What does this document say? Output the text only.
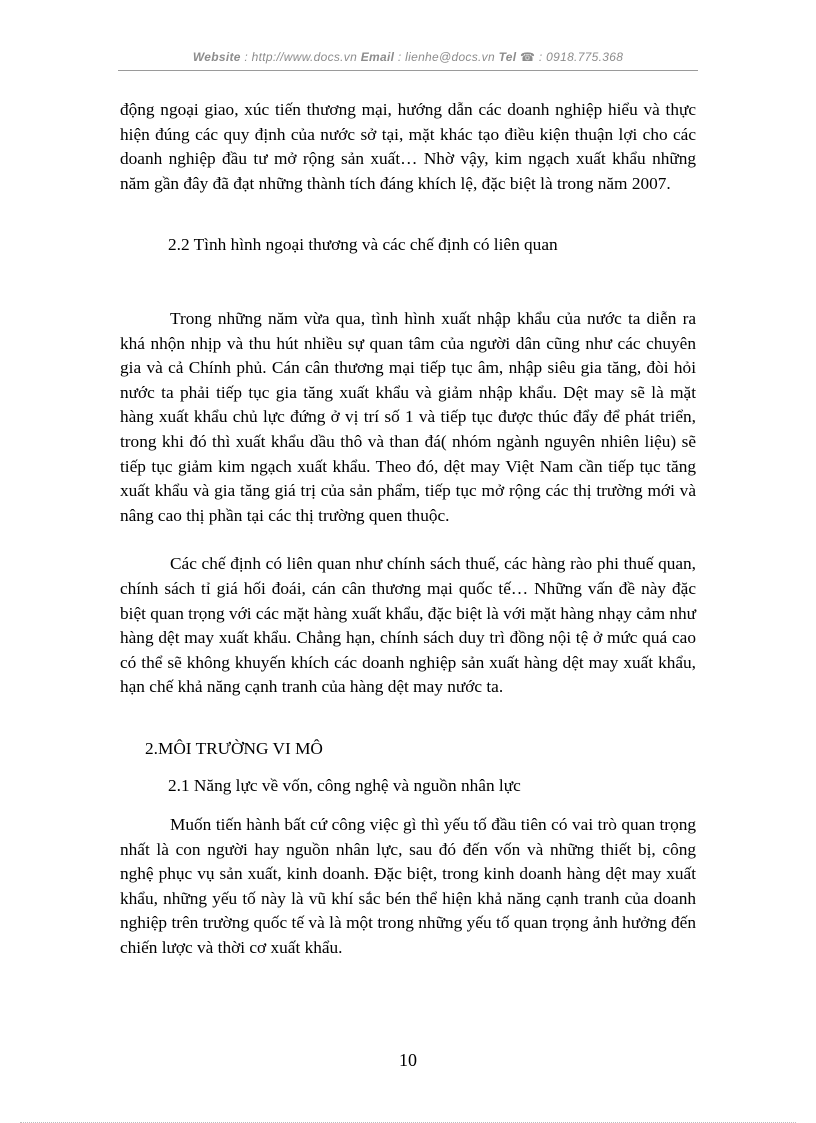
Website : http://www.docs.vn Email : lienhe@docs.vn Tel ☎ : 0918.775.368

động ngoại giao, xúc tiến thương mại, hướng dẫn các doanh nghiệp hiểu và thực hiện đúng các quy định của nước sở tại, mặt khác tạo điều kiện thuận lợi cho các doanh nghiệp đầu tư mở rộng sản xuất… Nhờ vậy, kim ngạch xuất khẩu những năm gần đây đã đạt những thành tích đáng khích lệ, đặc biệt là trong năm 2007.

2.2 Tình hình ngoại thương và các chế định có liên quan

Trong những năm vừa qua, tình hình xuất nhập khẩu của nước ta diễn ra khá nhộn nhịp và thu hút nhiều sự quan tâm của người dân cũng như các chuyên gia và cả Chính phủ. Cán cân thương mại tiếp tục âm, nhập siêu gia tăng, đòi hỏi nước ta phải tiếp tục gia tăng xuất khẩu và giảm nhập khẩu. Dệt may sẽ là mặt hàng xuất khẩu chủ lực đứng ở vị trí số 1 và tiếp tục được thúc đẩy để phát triển, trong khi đó thì xuất khẩu dầu thô và than đá( nhóm ngành nguyên nhiên liệu) sẽ tiếp tục giảm kim ngạch xuất khẩu. Theo đó, dệt may Việt Nam cần tiếp tục tăng xuất khẩu và gia tăng giá trị của sản phẩm, tiếp tục mở rộng các thị trường mới và nâng cao thị phần tại các thị trường quen thuộc.

Các chế định có liên quan như chính sách thuế, các hàng rào phi thuế quan, chính sách tỉ giá hối đoái, cán cân thương mại quốc tế… Những vấn đề này đặc biệt quan trọng với các mặt hàng xuất khẩu, đặc biệt là với mặt hàng nhạy cảm như hàng dệt may xuất khẩu. Chẳng hạn, chính sách duy trì đồng nội tệ ở mức quá cao có thể sẽ không khuyến khích các doanh nghiệp sản xuất hàng dệt may xuất khẩu, hạn chế khả năng cạnh tranh của hàng dệt may nước ta.

2.MÔI TRƯỜNG VI MÔ

2.1 Năng lực về vốn, công nghệ và nguồn nhân lực

Muốn tiến hành bất cứ công việc gì thì yếu tố đầu tiên có vai trò quan trọng nhất là con người hay nguồn nhân lực, sau đó đến vốn và những thiết bị, công nghệ phục vụ sản xuất, kinh doanh. Đặc biệt, trong kinh doanh hàng dệt may xuất khẩu, những yếu tố này là vũ khí sắc bén thể hiện khả năng cạnh tranh của doanh nghiệp trên trường quốc tế và là một trong những yếu tố quan trọng ảnh hưởng đến chiến lược và thời cơ xuất khẩu.

10
